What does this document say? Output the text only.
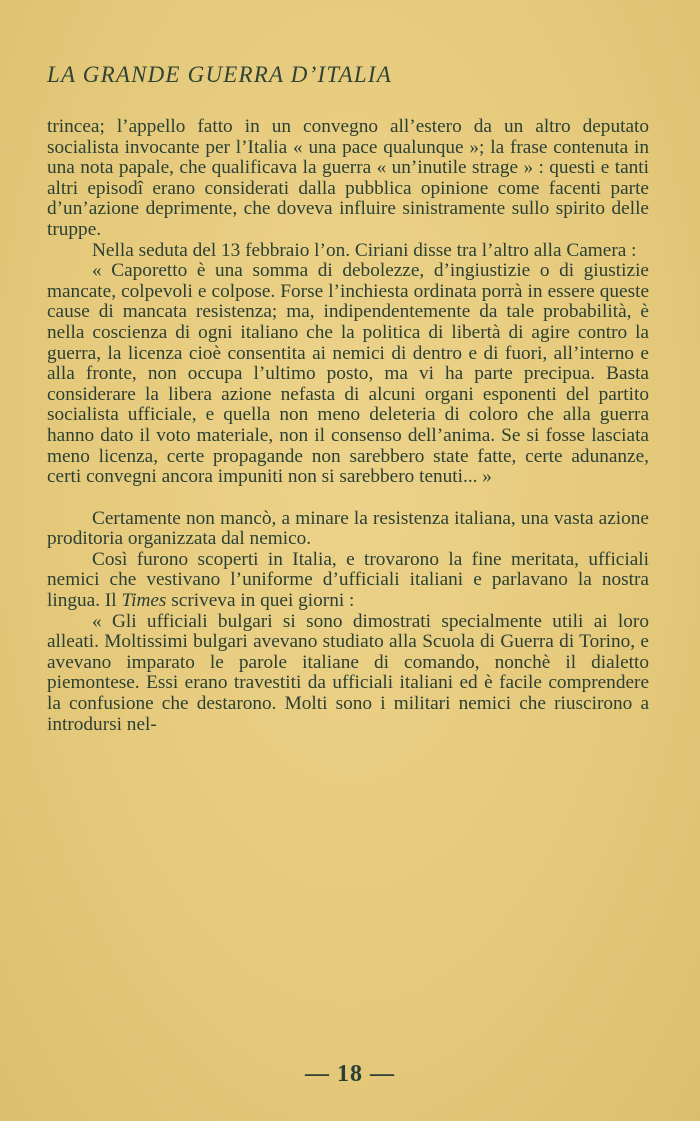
LA GRANDE GUERRA D’ITALIA

trincea; l’appello fatto in un convegno all’estero da un altro deputato socialista invocante per l’Italia « una pace qualunque »; la frase contenuta in una nota papale, che qualificava la guerra « un’inutile strage » : questi e tanti altri episodî erano considerati dalla pubblica opinione come facenti parte d’un’azione deprimente, che doveva influire sinistramente sullo spirito delle truppe.

Nella seduta del 13 febbraio l’on. Ciriani disse tra l’altro alla Camera :

« Caporetto è una somma di debolezze, d’ingiustizie o di giustizie mancate, colpevoli e colpose. Forse l’inchiesta ordinata porrà in essere queste cause di mancata resistenza; ma, indipendentemente da tale probabilità, è nella coscienza di ogni italiano che la politica di libertà di agire contro la guerra, la licenza cioè consentita ai nemici di dentro e di fuori, all’interno e alla fronte, non occupa l’ultimo posto, ma vi ha parte precipua. Basta considerare la libera azione nefasta di alcuni organi esponenti del partito socialista ufficiale, e quella non meno deleteria di coloro che alla guerra hanno dato il voto materiale, non il consenso dell’anima. Se si fosse lasciata meno licenza, certe propagande non sarebbero state fatte, certe adunanze, certi convegni ancora impuniti non si sarebbero tenuti... »

Certamente non mancò, a minare la resistenza italiana, una vasta azione proditoria organizzata dal nemico.

Così furono scoperti in Italia, e trovarono la fine meritata, ufficiali nemici che vestivano l’uniforme d’ufficiali italiani e parlavano la nostra lingua. Il Times scriveva in quei giorni :

« Gli ufficiali bulgari si sono dimostrati specialmente utili ai loro alleati. Moltissimi bulgari avevano studiato alla Scuola di Guerra di Torino, e avevano imparato le parole italiane di comando, nonchè il dialetto piemontese. Essi erano travestiti da ufficiali italiani ed è facile comprendere la confusione che destarono. Molti sono i militari nemici che riuscirono a introdursi nel-

— 18 —
